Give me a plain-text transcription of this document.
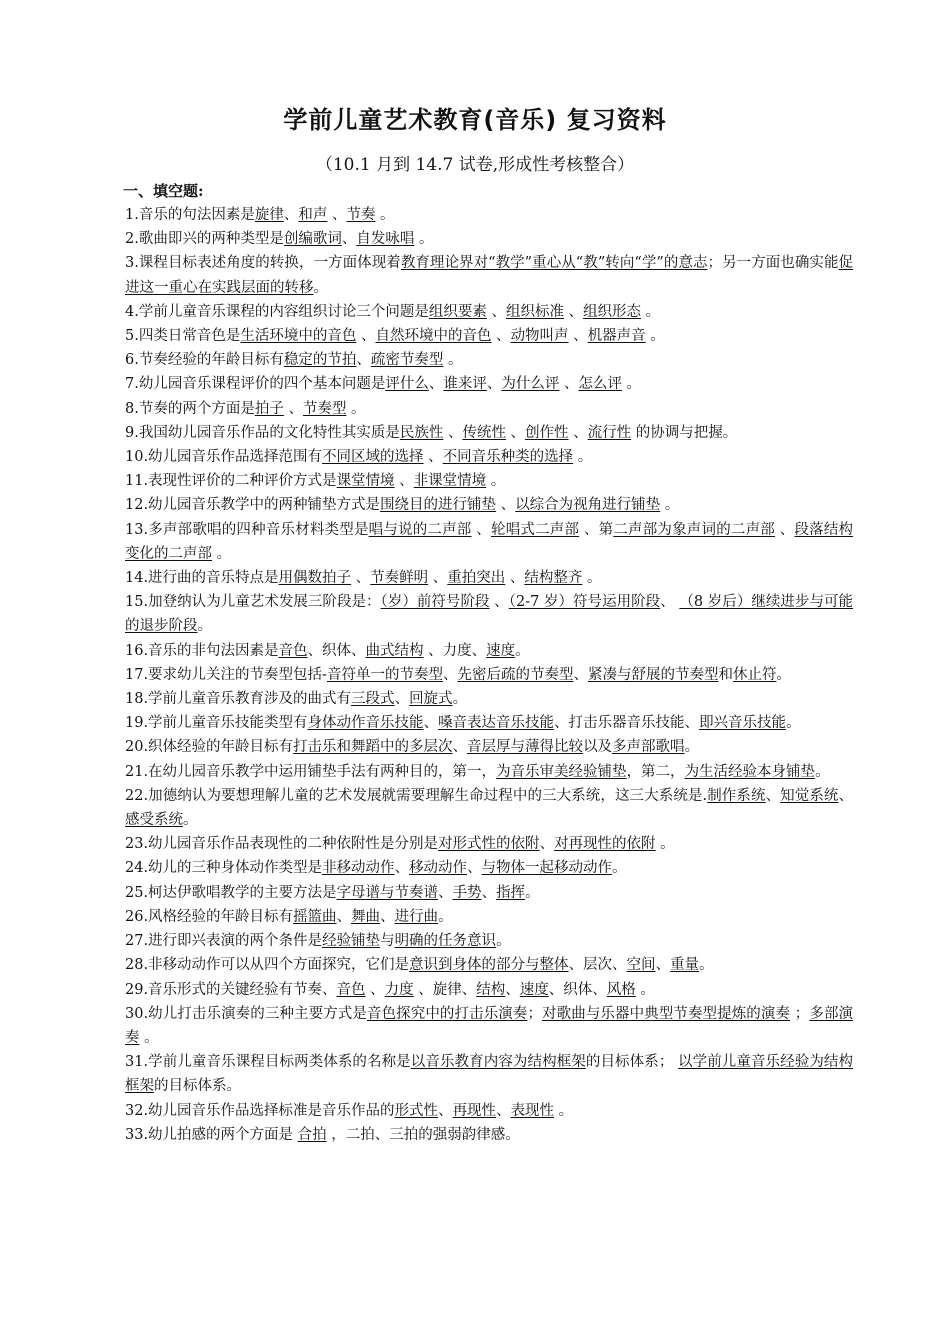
学前儿童艺术教育(音乐) 复习资料
（10.1 月到 14.7 试卷,形成性考核整合）
一、填空题:

1.音乐的句法因素是旋律、和声 、节奏 。

2.歌曲即兴的两种类型是创编歌词、自发咏唱 。

3.课程目标表述角度的转换，一方面体现着教育理论界对“教学”重心从“教”转向“学”的意志；另一方面也确实能促进这一重心在实践层面的转移。

4.学前儿童音乐课程的内容组织讨论三个问题是组织要素 、组织标准 、组织形态 。

5.四类日常音色是生活环境中的音色 、自然环境中的音色 、动物叫声 、机器声音 。

6.节奏经验的年龄目标有稳定的节拍、疏密节奏型 。

7.幼儿园音乐课程评价的四个基本问题是评什么、谁来评、为什么评 、怎么评 。

8.节奏的两个方面是拍子 、节奏型 。

9.我国幼儿园音乐作品的文化特性其实质是民族性 、传统性 、创作性 、流行性 的协调与把握。

10.幼儿园音乐作品选择范围有不同区域的选择 、不同音乐种类的选择 。

11.表现性评价的二种评价方式是课堂情境 、非课堂情境 。

12.幼儿园音乐教学中的两种铺垫方式是围绕目的进行铺垫 、以综合为视角进行铺垫 。

13.多声部歌唱的四种音乐材料类型是唱与说的二声部 、轮唱式二声部 、第二声部为象声词的二声部 、段落结构变化的二声部 。

14.进行曲的音乐特点是用偶数拍子 、节奏鲜明 、重拍突出 、结构整齐 。

15.加登纳认为儿童艺术发展三阶段是：（岁）前符号阶段 、（2-7 岁）符号运用阶段、 （8 岁后）继续进步与可能的退步阶段。

16.音乐的非句法因素是音色、织体、曲式结构 、力度、速度。

17.要求幼儿关注的节奏型包括-音符单一的节奏型、先密后疏的节奏型、紧凑与舒展的节奏型和休止符。

18.学前儿童音乐教育涉及的曲式有三段式、回旋式。

19.学前儿童音乐技能类型有身体动作音乐技能、嗓音表达音乐技能、打击乐器音乐技能、即兴音乐技能。

20.织体经验的年龄目标有打击乐和舞蹈中的多层次、音层厚与薄得比较以及多声部歌唱。

21.在幼儿园音乐教学中运用铺垫手法有两种目的，第一，为音乐审美经验铺垫，第二，为生活经验本身铺垫。

22.加德纳认为要想理解儿童的艺术发展就需要理解生命过程中的三大系统，这三大系统是.制作系统、知觉系统、感受系统。

23.幼儿园音乐作品表现性的二种依附性是分别是对形式性的依附、对再现性的依附 。

24.幼儿的三种身体动作类型是非移动动作、移动动作、与物体一起移动动作。

25.柯达伊歌唱教学的主要方法是字母谱与节奏谱、手势、指挥。

26.风格经验的年龄目标有摇篮曲、舞曲、进行曲。

27.进行即兴表演的两个条件是经验铺垫与明确的任务意识。

28.非移动动作可以从四个方面探究，它们是意识到身体的部分与整体、层次、空间、重量。

29.音乐形式的关键经验有节奏、音色 、力度 、旋律、结构、速度、织体、风格 。

30.幼儿打击乐演奏的三种主要方式是音色探究中的打击乐演奏；对歌曲与乐器中典型节奏型提炼的演奏 ；多部演奏 。

31.学前儿童音乐课程目标两类体系的名称是以音乐教育内容为结构框架的目标体系； 以学前儿童音乐经验为结构框架的目标体系。

32.幼儿园音乐作品选择标准是音乐作品的形式性、再现性、表现性 。

33.幼儿拍感的两个方面是 合拍 ，二拍、三拍的强弱韵律感。
